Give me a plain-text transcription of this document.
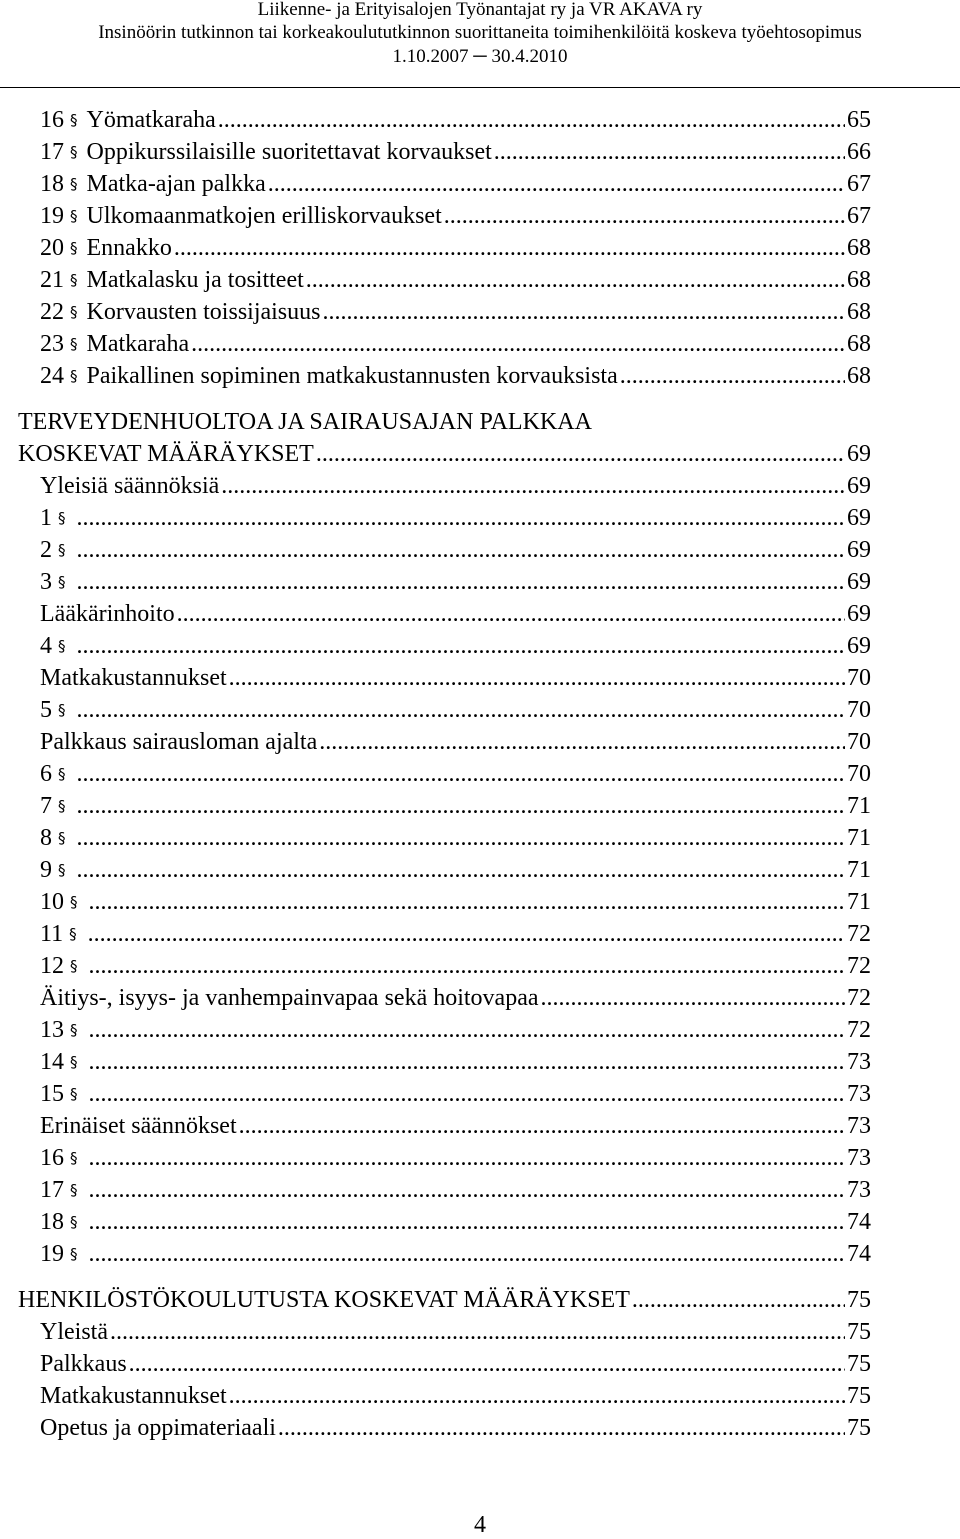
Liikenne- ja Erityisalojen Työnantajat ry ja VR AKAVA ry
Insinöörin tutkinnon tai korkeakoulututkinnon suorittaneita toimihenkilöitä koskeva työehtosopimus
1.10.2007 ─ 30.4.2010
16 § Yömatkaraha .....	65
17 § Oppikurssilaisille suoritettavat korvaukset .....	66
18 § Matka-ajan palkka .....	67
19 § Ulkomaanmatkojen erilliskorvaukset .....	67
20 § Ennakko .....	68
21 § Matkalasku ja tositteet .....	68
22 § Korvausten toissijaisuus .....	68
23 § Matkaraha .....	68
24 § Paikallinen sopiminen matkakustannusten korvauksista .....	68
TERVEYDENHUOLTOA JA SAIRAUSAJAN PALKKAA
KOSKEVAT MÄÄRÄYKSET .....	69
Yleisiä säännöksiä .....	69
1 § .....	69
2 § .....	69
3 § .....	69
Lääkärinhoito .....	69
4 § .....	69
Matkakustannukset .....	70
5 § .....	70
Palkkaus sairausloman ajalta .....	70
6 § .....	70
7 § .....	71
8 § .....	71
9 § .....	71
10 § .....	71
11 § .....	72
12 § .....	72
Äitiys-, isyys- ja vanhempainvapaa sekä hoitovapaa .....	72
13 § .....	72
14 § .....	73
15 § .....	73
Erinäiset säännökset .....	73
16 § .....	73
17 § .....	73
18 § .....	74
19 § .....	74
HENKILÖSTÖKOULUTUSTA KOSKEVAT MÄÄRÄYKSET .....	75
Yleistä .....	75
Palkkaus .....	75
Matkakustannukset .....	75
Opetus ja oppimateriaali .....	75
4
